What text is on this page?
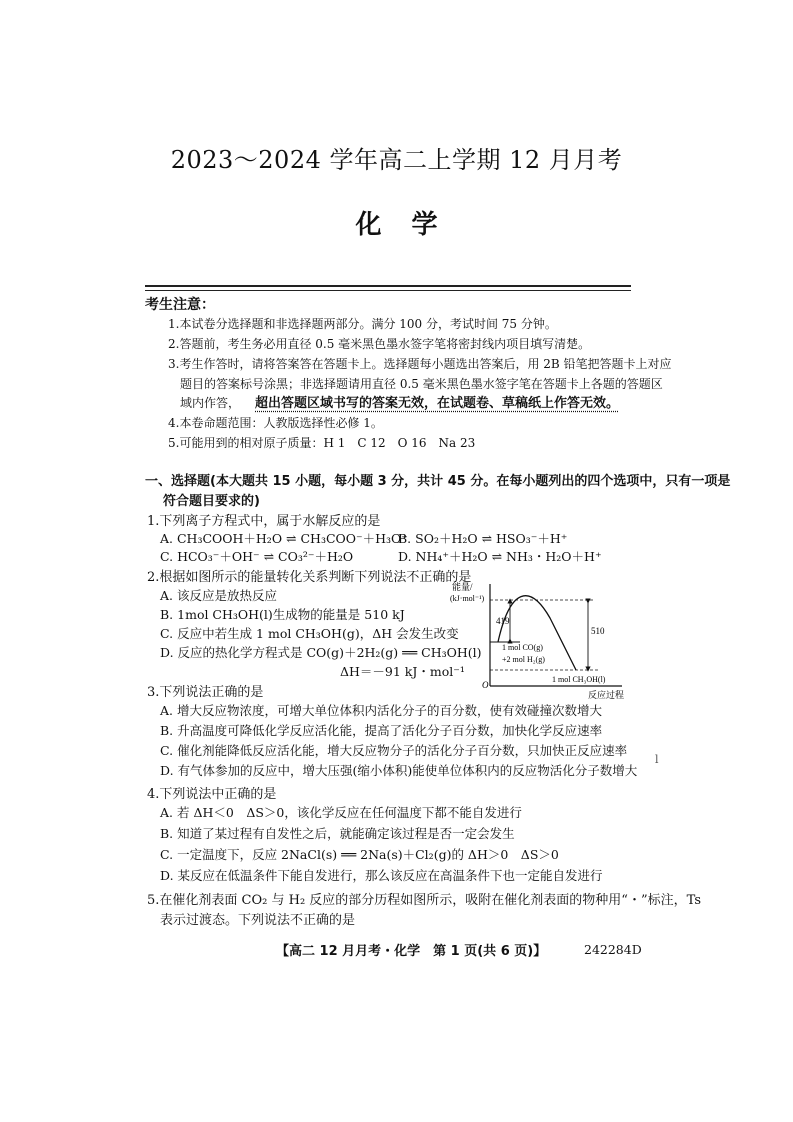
2023～2024 学年高二上学期 12 月月考
化学
考生注意：
1.本试卷分选择题和非选择题两部分。满分 100 分，考试时间 75 分钟。
2.答题前，考生务必用直径 0.5 毫米黑色墨水签字笔将密封线内项目填写清楚。
3.考生作答时，请将答案答在答题卡上。选择题每小题选出答案后，用 2B 铅笔把答题卡上对应
题目的答案标号涂黑；非选择题请用直径 0.5 毫米黑色墨水签字笔在答题卡上各题的答题区
域内作答， 超出答题区域书写的答案无效，在试题卷、草稿纸上作答无效。
4.本卷命题范围：人教版选择性必修 1。
5.可能用到的相对原子质量：H 1　C 12　O 16　Na 23
一、选择题(本大题共 15 小题，每小题 3 分，共计 45 分。在每小题列出的四个选项中，只有一项是
符合题目要求的)
1.下列离子方程式中，属于水解反应的是
A. CH₃COOH＋H₂O ⇌ CH₃COO⁻＋H₃O⁺
B. SO₂＋H₂O ⇌ HSO₃⁻＋H⁺
C. HCO₃⁻＋OH⁻ ⇌ CO₃²⁻＋H₂O	D. NH₄⁺＋H₂O ⇌ NH₃・H₂O＋H⁺
2.根据如图所示的能量转化关系判断下列说法不正确的是
A. 该反应是放热反应
B. 1mol CH₃OH(l)生成物的能量是 510 kJ
C. 反应中若生成 1 mol CH₃OH(g)，ΔH 会发生改变
D. 反应的热化学方程式是 CO(g)＋2H₂(g) ══ CH₃OH(l)
ΔH＝－91 kJ・mol⁻¹
能量/
(kJ·mol⁻¹)
419
510
1 mol CO(g)
+2 mol H₂(g)
1 mol CH₃OH(l)
O
反应过程
3.下列说法正确的是
A. 增大反应物浓度，可增大单位体积内活化分子的百分数，使有效碰撞次数增大
B. 升高温度可降低化学反应活化能，提高了活化分子百分数，加快化学反应速率
C. 催化剂能降低反应活化能，增大反应物分子的活化分子百分数，只加快正反应速率
D. 有气体参加的反应中，增大压强(缩小体积)能使单位体积内的反应物活化分子数增大
l
4.下列说法中正确的是
A. 若 ΔH＜0　ΔS＞0，该化学反应在任何温度下都不能自发进行
B. 知道了某过程有自发性之后，就能确定该过程是否一定会发生
C. 一定温度下，反应 2NaCl(s) ══ 2Na(s)＋Cl₂(g)的 ΔH＞0　ΔS＞0
D. 某反应在低温条件下能自发进行，那么该反应在高温条件下也一定能自发进行
5.在催化剂表面 CO₂ 与 H₂ 反应的部分历程如图所示，吸附在催化剂表面的物种用“・”标注，Ts
表示过渡态。下列说法不正确的是
【高二 12 月月考・化学　第 1 页(共 6 页)】	242284D
